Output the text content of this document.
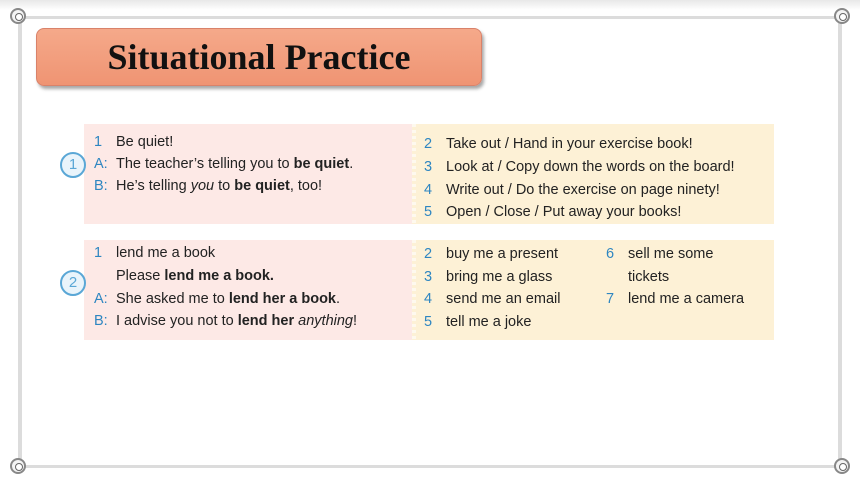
Situational Practice
1
1 Be quiet!
A: The teacher’s telling you to be quiet.
B: He’s telling you to be quiet, too!
2 Take out / Hand in your exercise book!
3 Look at / Copy down the words on the board!
4 Write out / Do the exercise on page ninety!
5 Open / Close / Put away your books!
2
1 lend me a book
Please lend me a book.
A: She asked me to lend her a book.
B: I advise you not to lend her anything!
2 buy me a present
3 bring me a glass
4 send me an email
5 tell me a joke
6 sell me some
tickets
7 lend me a camera
